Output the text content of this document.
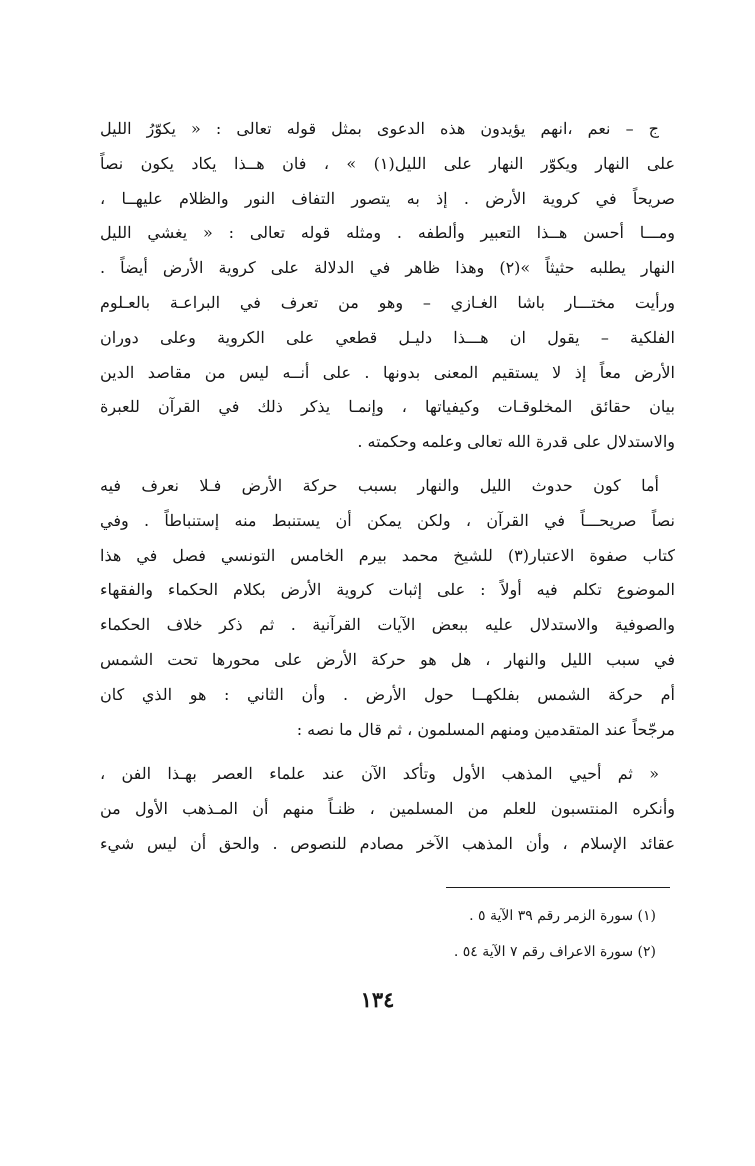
ج – نعم ،انهم يؤيدون هذه الدعوى بمثل قوله تعالى : « يكوّرُ الليل
على النهار ويكوّر النهار على الليل(١) » ، فان هــذا يكاد يكون نصاً
صريحاً في كروية الأرض . إذ به يتصور التفاف النور والظلام عليهــا ،
ومـــا أحسن هــذا التعبير وألطفه . ومثله قوله تعالى : « يغشي الليل
النهار يطلبه حثيثاً »(٢) وهذا ظاهر في الدلالة على كروية الأرض أيضاً .
ورأيت مختـــار باشا الغـازي – وهو من تعرف في البراعـة بالعـلوم
الفلكية – يقول ان هـــذا دليـل قطعي على الكروية وعلى دوران
الأرض معاً إذ لا يستقيم المعنى بدونها . على أنــه ليس من مقاصد الدين
بيان حقائق المخلوقـات وكيفياتها ، وإنمـا يذكر ذلك في القرآن للعبرة
والاستدلال على قدرة الله تعالى وعلمه وحكمته .
أما كون حدوث الليل والنهار بسبب حركة الأرض فـلا نعرف فيه
نصاً صريحـــاً في القرآن ، ولكن يمكن أن يستنبط منه إستنباطاً . وفي
كتاب صفوة الاعتبار(٣) للشيخ محمد بيرم الخامس التونسي فصل في هذا
الموضوع تكلم فيه أولاً : على إثبات كروية الأرض بكلام الحكماء والفقهاء
والصوفية والاستدلال عليه ببعض الآيات القرآنية . ثم ذكر خلاف الحكماء
في سبب الليل والنهار ، هل هو حركة الأرض على محورها تحت الشمس
أم حركة الشمس بفلكهــا حول الأرض . وأن الثاني : هو الذي كان
مرجّحاً عند المتقدمين ومنهم المسلمون ، ثم قال ما نصه :
« ثم أحيي المذهب الأول وتأكد الآن عند علماء العصر بهـذا الفن ،
وأنكره المنتسبون للعلم من المسلمين ، ظنـاً منهم أن المـذهب الأول من
عقائد الإسلام ، وأن المذهب الآخر مصادم للنصوص . والحق أن ليس شيء
(١) سورة الزمر رقم ٣٩ الآية ٥ .
(٢) سورة الاعراف رقم ٧ الآية ٥٤ .
١٣٤
